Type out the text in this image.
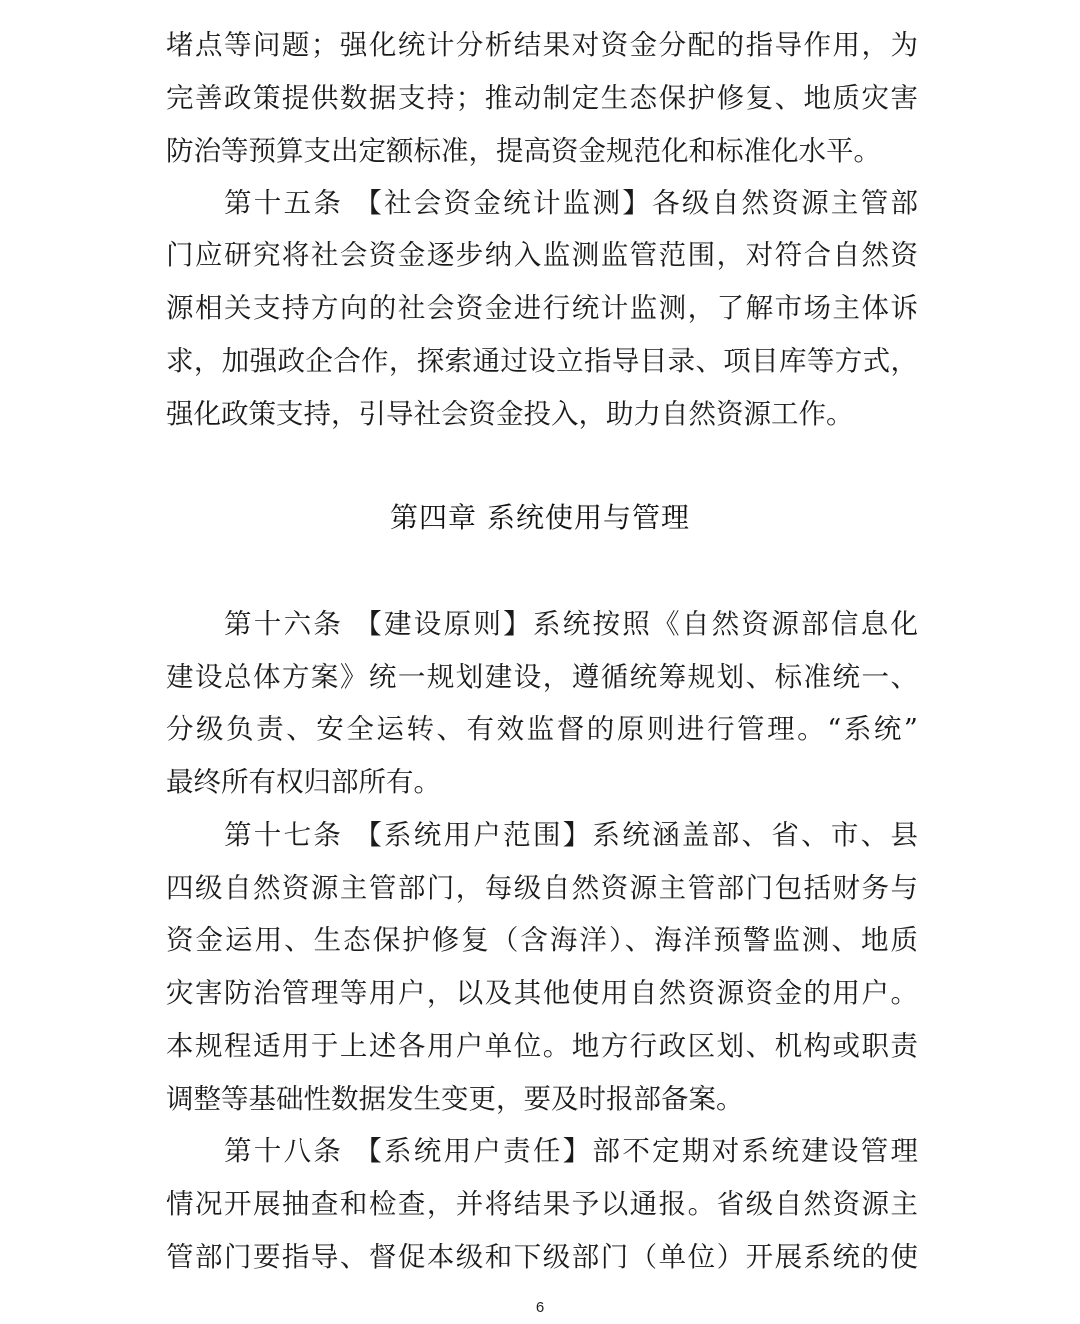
堵点等问题；强化统计分析结果对资金分配的指导作用，为
完善政策提供数据支持；推动制定生态保护修复、地质灾害
防治等预算支出定额标准，提高资金规范化和标准化水平。
第十五条 【社会资金统计监测】各级自然资源主管部
门应研究将社会资金逐步纳入监测监管范围，对符合自然资
源相关支持方向的社会资金进行统计监测，了解市场主体诉
求，加强政企合作，探索通过设立指导目录、项目库等方式，
强化政策支持，引导社会资金投入，助力自然资源工作。
第四章 系统使用与管理
第十六条 【建设原则】系统按照《自然资源部信息化
建设总体方案》统一规划建设，遵循统筹规划、标准统一、
分级负责、安全运转、有效监督的原则进行管理。“系统”
最终所有权归部所有。
第十七条 【系统用户范围】系统涵盖部、省、市、县
四级自然资源主管部门，每级自然资源主管部门包括财务与
资金运用、生态保护修复（含海洋）、海洋预警监测、地质
灾害防治管理等用户，以及其他使用自然资源资金的用户。
本规程适用于上述各用户单位。地方行政区划、机构或职责
调整等基础性数据发生变更，要及时报部备案。
第十八条 【系统用户责任】部不定期对系统建设管理
情况开展抽查和检查，并将结果予以通报。省级自然资源主
管部门要指导、督促本级和下级部门（单位）开展系统的使
6
